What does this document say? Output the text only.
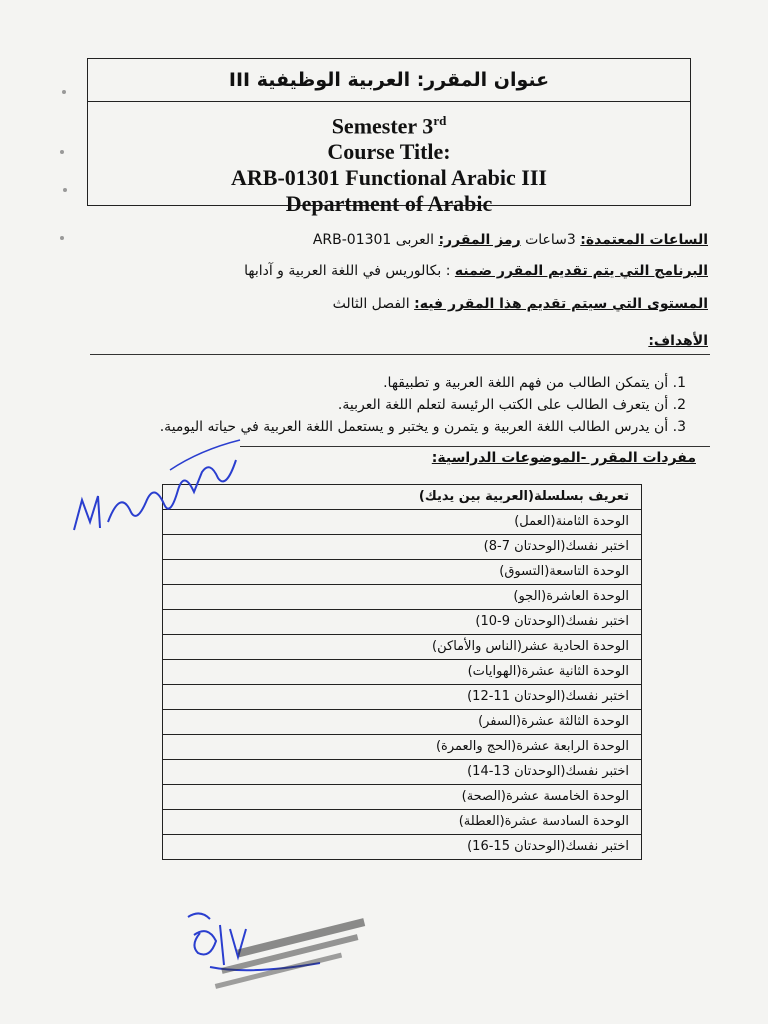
عنوان المقرر: العربية الوظيفية III
Semester 3rd
Course Title:
ARB-01301 Functional Arabic III
Department of Arabic
الساعات المعتمدة: 3ساعات رمز المقرر: العربى ARB-01301
البرنامج التي يتم تقديم المقرر ضمنه : بكالوريس في اللغة العربية و آدابها
المستوى التي سيتم تقديم هذا المقرر فيه: الفصل الثالث
الأهداف:
1. أن يتمكن الطالب من فهم اللغة العربية و تطبيقها.
2. أن يتعرف الطالب على الكتب الرئيسة لتعلم اللغة العربية.
3. أن يدرس الطالب اللغة العربية و يتمرن و يختبر و يستعمل اللغة العربية في حياته اليومية.
مفردات المقرر -الموضوعات الدراسية:
تعريف بسلسلة(العربية بين يديك)
الوحدة الثامنة(العمل)
اختبر نفسك(الوحدتان 7-8)
الوحدة التاسعة(التسوق)
الوحدة العاشرة(الجو)
اختبر نفسك(الوحدتان 9-10)
الوحدة الحادية عشر(الناس والأماكن)
الوحدة الثانية عشرة(الهوايات)
اختبر نفسك(الوحدتان 11-12)
الوحدة الثالثة عشرة(السفر)
الوحدة الرابعة عشرة(الحج والعمرة)
اختبر نفسك(الوحدتان 13-14)
الوحدة الخامسة عشرة(الصحة)
الوحدة السادسة عشرة(العطلة)
اختبر نفسك(الوحدتان 15-16)
